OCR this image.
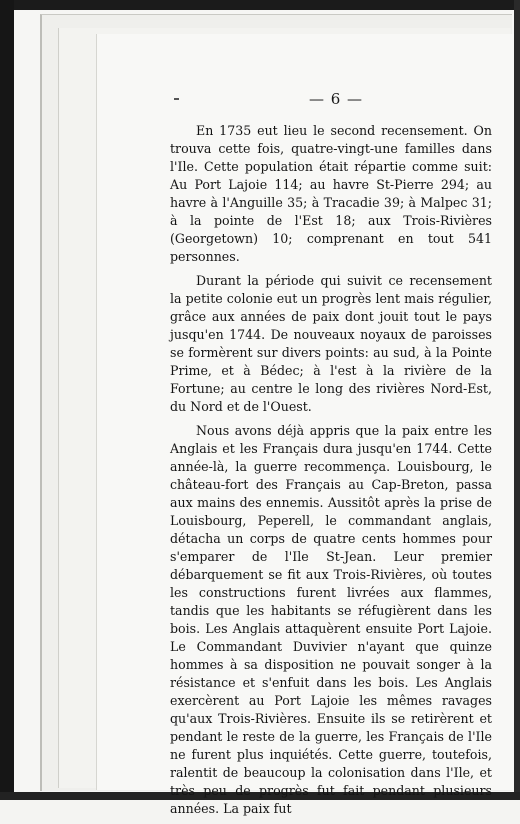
— 6 —

En 1735 eut lieu le second recensement. On trouva cette fois, quatre-vingt-une familles dans l'Ile. Cette population était répartie comme suit: Au Port Lajoie 114; au havre St-Pierre 294; au havre à l'Anguille 35; à Tracadie 39; à Malpec 31; à la pointe de l'Est 18; aux Trois-Rivières (Georgetown) 10; comprenant en tout 541 personnes.

Durant la période qui suivit ce recensement la petite colonie eut un progrès lent mais régulier, grâce aux années de paix dont jouit tout le pays jusqu'en 1744. De nouveaux noyaux de paroisses se formèrent sur divers points: au sud, à la Pointe Prime, et à Bédec; à l'est à la rivière de la Fortune; au centre le long des rivières Nord-Est, du Nord et de l'Ouest.

Nous avons déjà appris que la paix entre les Anglais et les Français dura jusqu'en 1744. Cette année-là, la guerre recommença. Louisbourg, le château-fort des Français au Cap-Breton, passa aux mains des ennemis. Aussitôt après la prise de Louisbourg, Peperell, le commandant anglais, détacha un corps de quatre cents hommes pour s'emparer de l'Ile St-Jean. Leur premier débarquement se fit aux Trois-Rivières, où toutes les constructions furent livrées aux flammes, tandis que les habitants se réfugièrent dans les bois. Les Anglais attaquèrent ensuite Port Lajoie. Le Commandant Duvivier n'ayant que quinze hommes à sa disposition ne pouvait songer à la résistance et s'enfuit dans les bois. Les Anglais exercèrent au Port Lajoie les mêmes ravages qu'aux Trois-Rivières. Ensuite ils se retirèrent et pendant le reste de la guerre, les Français de l'Ile ne furent plus inquiétés. Cette guerre, toutefois, ralentit de beaucoup la colonisation dans l'Ile, et très peu de progrès fut fait pendant plusieurs années. La paix fut
